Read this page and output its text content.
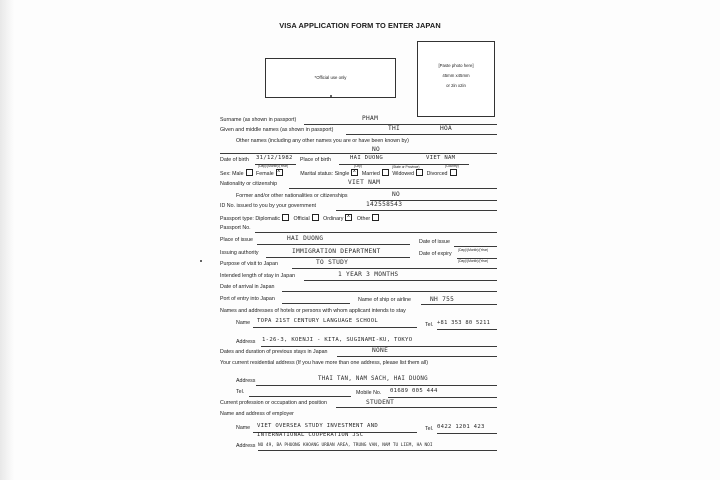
VISA APPLICATION FORM TO ENTER JAPAN
*Official use only
[Paste photo here]
45mm x45mm
or 2in x2in
Surname (as shown in passport)	PHAM
Given and middle names (as shown in passport)	THI	HOA
Other names (including any other names you are or have been known by)
NO
Date of birth 31/12/1982
(Day)/(Month)/(Year)
Place of birth	HAI DUONG	VIET NAM
(City)	(State or Province)	(Country)
Sex: Male Female x	Marital status: Single x Married Widowed Divorced
Nationality or citizenship	VIET NAM
Former and/or other nationalities or citizenships	NO
ID No. issued to you by your government	142558543
Passport type: Diplomatic	Official	Ordinary x	Other
Passport No.
Place of issue	HAI DUONG	Date of issue
(Day)/(Month)/(Year)
Issuing authority	IMMIGRATION DEPARTMENT	Date of expiry
(Day)/(Month)/(Year)
Purpose of visit to Japan	TO STUDY
Intended length of stay in Japan	1 YEAR 3 MONTHS
Date of arrival in Japan
Port of entry into Japan	Name of ship or airline	NH 755
Names and addresses of hotels or persons with whom applicant intends to stay
Name TOPA 21ST CENTURY LANGUAGE SCHOOL
Tel. +81 353 80 5211
Address 1-26-3, KOENJI - KITA, SUGINAMI-KU, TOKYO
Dates and duration of previous stays in Japan	NONE
Your current residential address (If you have more than one address, please list them all)
Address	THAI TAN, NAM SACH, HAI DUONG
Tel.	Mobile No. 01689 005 444
Current profession or occupation and position	STUDENT
Name and address of employer
Name VIET OVERSEA STUDY INVESTMENT AND
INTERNATIONAL COOPERATION JSC
Tel. 0422 1201 423
Address NO 49, BA PHUONG KHOANG URBAN AREA, TRUNG VAN, NAM TU LIEM, HA NOI
